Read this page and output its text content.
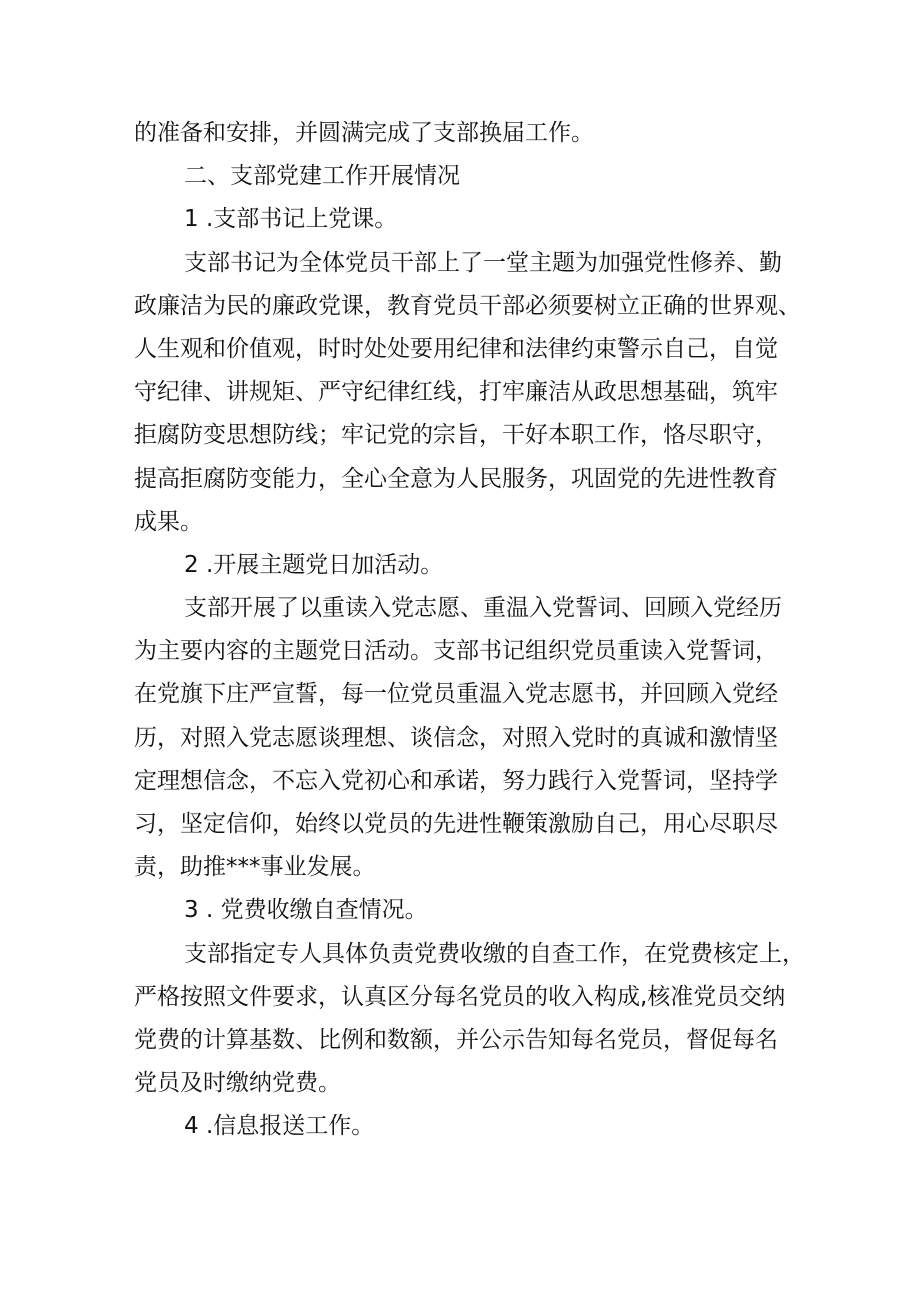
的准备和安排，并圆满完成了支部换届工作。
二、支部党建工作开展情况
1 .支部书记上党课。
支部书记为全体党员干部上了一堂主题为加强党性修养、勤
政廉洁为民的廉政党课，教育党员干部必须要树立正确的世界观、
人生观和价值观，时时处处要用纪律和法律约束警示自己，自觉
守纪律、讲规矩、严守纪律红线，打牢廉洁从政思想基础，筑牢
拒腐防变思想防线；牢记党的宗旨，干好本职工作，恪尽职守，
提高拒腐防变能力，全心全意为人民服务，巩固党的先进性教育
成果。
2 .开展主题党日加活动。
支部开展了以重读入党志愿、重温入党誓词、回顾入党经历
为主要内容的主题党日活动。支部书记组织党员重读入党誓词，
在党旗下庄严宣誓，每一位党员重温入党志愿书，并回顾入党经
历，对照入党志愿谈理想、谈信念，对照入党时的真诚和激情坚
定理想信念，不忘入党初心和承诺，努力践行入党誓词，坚持学
习，坚定信仰，始终以党员的先进性鞭策激励自己，用心尽职尽
责，助推***事业发展。
3 . 党费收缴自查情况。
支部指定专人具体负责党费收缴的自查工作，在党费核定上，
严格按照文件要求，认真区分每名党员的收入构成,核准党员交纳
党费的计算基数、比例和数额，并公示告知每名党员，督促每名
党员及时缴纳党费。
4 .信息报送工作。
